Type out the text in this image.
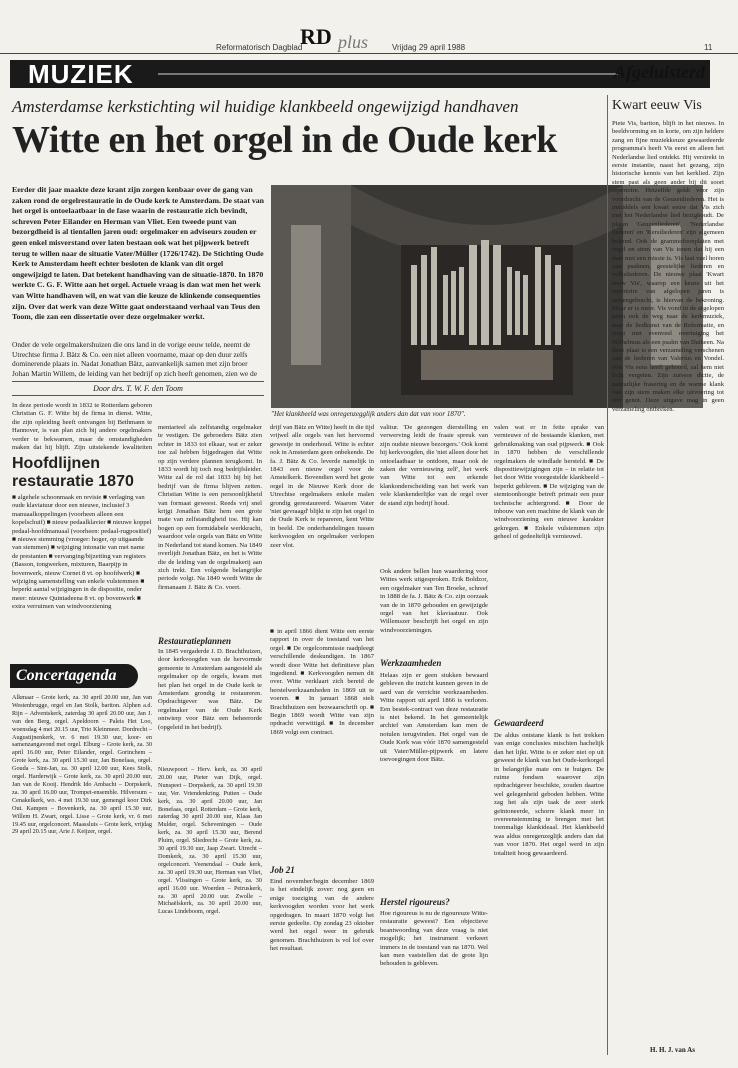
RD plus
Reformatorisch Dagblad	Vrijdag 29 april 1988	11
MUZIEK	Afgeluisterd
Amsterdamse kerkstichting wil huidige klankbeeld ongewijzigd handhaven
Witte en het orgel in de Oude kerk
Eerder dit jaar maakte deze krant zijn zorgen kenbaar over de gang van zaken rond de orgelrestauratie in de Oude kerk te Amsterdam. De staat van het orgel is ontoelaatbaar in de fase waarin de restauratie zich bevindt, schreven Peter Eilander en Herman van Vliet. Een tweede punt van bezorgdheid is al tientallen jaren oud: orgelmaker en adviseurs zouden er geen enkel misverstand over laten bestaan ook wat het pijpwerk betreft terug te willen naar de situatie Vater/Müller (1726/1742). De Stichting Oude Kerk te Amsterdam heeft echter besloten de klank van dit orgel ongewijzigd te laten. Dat betekent handhaving van de situatie-1870. In 1870 werkte C. G. F. Witte aan het orgel. Actuele vraag is dan wat men het werk van Witte handhaven wil, en wat van die keuze de klinkende consequenties zijn. Over dat werk van deze Witte gaat onderstaand verhaal van Teus den Toom, die zan een dissertatie over deze orgelmaker werkt.
Onder de vele orgelmakershuizen die ons land in de vorige eeuw telde, neemt de Utrechtse firma J. Bätz & Co. een niet alleen voorname, maar op den duur zelfs dominerende plaats in. Nadat Jonathan Bätz, aanvankelijk samen met zijn broer Johan Martin Willem, de leiding van het bedrijf op zich heeft genomen, zien we de
Door drs. T. W. F. den Toom
"Het klankbeeld was onregenzegglijk anders dan dat van voor 1870".
In deze periode wordt in 1832 te Rotterdam geboren Christian G. F. Witte bij de firma in dienst. Witte, die zijn opleiding heeft ontvangen bij Bethmann te Hannover, is van plan zich bij andere orgelmakers verder te bekwamen, maar de omstandigheden maken dat hij blijft. Zijn uitstekende kwaliteiten
Hoofdlijnen restauratie 1870
■ algehele schoonmaak en revisie ■ verlaging van oude klaviatuur door een nieuwe, inclusief 3 manuaalkoppelingen (voorheen alleen een kopelschuif) ■ nieuw pedaalklavier ■ nieuwe koppel pedaal-hoofdmanuaal (voorheen: pedaal-rugpositief) ■ nieuwe stemming (vroeger: hoger, op uitgaande van stemmen) ■ wijziging intonatie van met name de prestanten ■ vervanging/bijzetting van registers (Basson, tongwerken, mixturen, Baarpijp in bovenwerk, nieuw Cornet 8 vt. op hoofdwerk) ■ wijziging samenstelling van enkele vulstemmen ■ beperkt aantal wijzigingen in de dispositie, onder meer: nieuwe Quintadeena 8 vt. op bovenwerk ■ extra verruimen van windvoorziening
mentarieel als zelfstandig orgelmaker te vestigen. De gebroeders Bätz zien echter in 1833 tot elkaar, wat er zeker toe zal hebben bijgedragen dat Witte op zijn verdere plannen terugkomt. In 1833 wordt hij toch nog bedrijfsleider. Witte zal de rol dat 1833 hij bij het bedrijf van de firma blijven zetten. Christian Witte is een persoonlijkheid van formaat geweest. Reeds vrij snel krijgt Jonathan Bätz hem een grote mate van zelfstandigheid toe. Hij kan bogen op een formidabele werkkracht, waardoor vele orgels van Bätz en Witte in Nederland tot stand komen. Na 1849 overlijdt Jonathan Bätz, en het is Witte die de leiding van de orgelmakerij aan zich trekt. Een volgende belangrijke periode volgt. Na 1849 wordt Witte de firmanaam J. Bätz & Co. voert.
Restauratieplannen
In 1845 vergaderde J. D. Brachthuizen, door kerkvoogden van de hervormde gemeente te Amsterdam aangesteld als orgelmaker op de orgels, kwam met het plan het orgel in de Oude kerk te Amsterdam grondig te restaureren. Opdrachtgever was Bätz. De orgelmaker van de Oude Kerk ontwierp voor Bätz een beheerorde (opgeleid in het bedrijf).
drijf van Bätz en Witte) heeft in die tijd vrijwel alle orgels van het hervormd gewestje in onderhoud. Witte is echter ook in Amsterdam geen onbekende. De fa. J. Bätz & Co. leverde namelijk in 1843 een nieuw orgel voor de Amstelkerk. Bovendien werd het grote orgel in de Nieuwe Kerk door de Utrechtse orgelmakers enkele malen grondig gerestaureerd. Waarom Vater 'niet gevraagd' blijkt te zijn het orgel in de Oude Kerk te repareren, kent Witte in beeld. De onderhandelingen tussen kerkvoogden en orgelmaker verlopen zeer vlot.
■ in april 1866 dient Witte een eerste rapport in over de toestand van het orgel. ■ De orgelcommissie raadpleegt verschillende deskundigen. In 1867 wordt door Witte het definitieve plan ingediend. ■ Kerkvoogden nemen dit over. Witte verklaart zich bereid de herstelwerkzaamheden in 1869 uit te voeren. ■ In januari 1868 stelt Brachthuizen een bezwaarschrift op. ■ Begin 1869 wordt Witte van zijn opdracht verwittigd. ■ In december 1869 volgt een contract.
Job 21
Eind november/begin december 1869 is het eindelijk zover: nog geen en enige toeziging van de andere kerkvoogden worden voor het werk opgedragen. In maart 1870 volgt het eerste gedeelte. Op zondag 23 oktober werd het orgel weer in gebruik genomen. Brachthuizen is vol lof over het resultaat.
valitur. 'De gezongen dierstelling en verwerving leidt de fraaie spreuk van zijn oudste nieuwe bezorgers.' Ook komt hij kerkvoogden, die 'niet alleen door het ontoelaatbaar te ontdoen, maar ook de zaken der vernieuwing zelf', het werk van Witte tot een erkende klankonderscheiding van het werk van vele klankenderlijke van de orgel over de stand zijn bedrijf houd.
Ook andere bellen hun waardering voor Wittes werk uitgesproken. Erik Boldzor, een orgelmaker van Ten Broeke, schreef in 1888 de fa. J. Bätz & Co. zijn oorzaak van de in 1870 gehouden en gewijzigde orgel van het klaviaatuur. Ook Willemszer beschrijft het orgel en zijn windvoorzieningen.
Werkzaamheden
Helaas zijn er geen stukken bewaard gebleven die inzicht kunnen geven in de aard van de verrichte werkzaamheden. Witte rapport uit april 1866 is verloren. Een bestek-contract van deze restauratie is niet bekend. In het gemeentelijk archief van Amsterdam kan men de notulen terugvinden. Het orgel van de Oude Kerk was vóór 1870 samengesteld uit Vater/Müller-pijpwerk en latere toevoegingen door Bätz.
Herstel rigoureus?
Hoe rigoureus is nu de rigoureuze Witte-restauratie geweest? Een objectieve beantwoording van deze vraag is niet mogelijk; het instrument verkeert immers in de toestand van na 1870. Wel kan men vaststellen dat de grote lijn behouden is gebleven.
valen wat er in feite sprake van vernieuwe of de bestaande klanken, met gebruikmaking van oud pijpwerk. ■ Ook in 1870 hebben de verschillende orgelmakers de windlade hersteld. ■ De dispositiewijzigingen zijn – in relatie tot het door Witte voorgestelde klankbeeld – beperkt gebleven. ■ De wijziging van de stemtoonhoogte betreft primair een puur technische achtergrond. ■ Door de inbouw van een machine de klank van de windvoorziening een nieuwe karakter gekregen. ■ Enkele vulstemmen zijn geheel of gedeeltelijk vernieuwd.
Gewaardeerd
De aldus ontstane klank is het trekken van enige conclusies mischien hachelijk dan het lijkt. Witte is er zeker niet op uit geweest de klank van het Oude-kerkorgel in belangrijke mate om te buigen. De ruime fondsen waarover zijn opdrachtgever beschikte, zouden daartoe wel gelegenheid geboden hebben. Witte zag het als zijn taak de zeer sterk geïntoneerde, schorre klank meer in overeenstemming te brengen met het toenmalige klankideaal. Het klankbeeld was aldus onregenzeglijk anders dan dat van voor 1870. Het orgel werd in zijn totaliteit hoog gewaardeerd.
Kwart eeuw Vis
Piete Vis, bariton, blijft in het nieuws. In beeldvorming en in korte, om zijn heldere zang en fijne muziekkeuze gewaardeerde programma's heeft Vis eerst en alleen het Nederlandse lied ontdekt. Hij verstrekt in eerste instantie, naast het gezang, zijn historische kennis van het kerklied. Zijn stem past als geen ander bij dit soort repertoire. Hetzelfde geldt voor zijn voordracht van de Geuzenliederen. Het is inmiddels een kwart eeuw dat Vis zich met het Nederlandse lied bezighoudt. De platen 'Geuzenliederen', 'Nederlandse liederen' en 'Kerstliederen' zijn algemeen bekend. Ook de grammofoonplaten met orgel en stem van Vis tonen dat hij een man met een missie is. Vis laat veel horen van psalmen, geestelijke liederen en volksliederen. De nieuwe plaat 'Kwart eeuw Vis', waarop een keuze uit het repertoire van afgelopen jaren is samengebracht, is hiervan de bekroning. Maar er is meer. Vis vond in de afgelopen jaren ook de weg naar de kerkmuziek, naar de liedkunst van de Reformatie, en zingt met evenveel overtuiging het Wilhelmus als een psalm van Datheen. Na deze plaat is een verzameling verschenen van de liederen van Valerius en Vondel. Wie Vis eens heeft gehoord, zal hem niet licht vergeten. Zijn zuivere dictie, de natuurlijke frasering en de warme klank van zijn stem maken elke uitvoering tot een genot. Deze uitgave mag in geen verzameling ontbreken.
H. H. J. van As
Concertagenda
Alkmaar – Grote kerk, za. 30 april 20.00 uur, Jan van Westenbrugge, orgel en Jan Stolk, bariton. Alphen a.d. Rijn – Adventskerk, zaterdag 30 april 20.00 uur, Jan J. van den Berg, orgel. Apeldoorn – Paleis Het Loo, woensdag 4 mei 20.15 uur, Trio Kleinmeer. Dordrecht – Augustijnenkerk, vr. 6 mei 19.30 uur, koor- en samenzangavond met orgel. Elburg – Grote kerk, za. 30 april 16.00 uur, Peter Eilander, orgel. Gorinchem – Grote kerk, za. 30 april 15.30 uur, Jan Bonefaas, orgel. Gouda – Sint-Jan, za. 30 april 12.00 uur, Kees Stolk, orgel. Harderwijk – Grote kerk, za. 30 april 20.00 uur, Jan van de Kooij. Hendrik Ido Ambacht – Dorpskerk, za. 30 april 16.00 uur, Trompet-ensemble. Hilversum – Cenakelkerk, wo. 4 mei 19.30 uur, gemengd koor Dirk Out. Kampen – Bovenkerk, za. 30 april 15.30 uur, Willem H. Zwart, orgel. Lisse – Grote kerk, vr. 6 mei 19.45 uur, orgelconcert. Maassluis – Grote kerk, vrijdag 29 april 20.15 uur, Arie J. Keijzer, orgel.
Nieuwpoort – Herv. kerk, za. 30 april 20.00 uur, Pieter van Dijk, orgel. Nunspeet – Dorpskerk, za. 30 april 19.30 uur, Ver. Vriendenkring. Putten – Oude kerk, za. 30 april 20.00 uur, Jan Bonefaas, orgel. Rotterdam – Grote kerk, zaterdag 30 april 20.00 uur, Klaas Jan Mulder, orgel. Scheveningen – Oude kerk, za. 30 april 15.30 uur, Berend Pluim, orgel. Sliedrecht – Grote kerk, za. 30 april 19.30 uur, Jaap Zwart. Utrecht – Domkerk, za. 30 april 15.30 uur, orgelconcert. Veenendaal – Oude kerk, za. 30 april 19.30 uur, Herman van Vliet, orgel. Vlissingen – Grote kerk, za. 30 april 16.00 uur. Woerden – Petruskerk, za. 30 april 20.00 uur. Zwolle – Michaëlskerk, za. 30 april 20.00 uur, Lucas Lindeboom, orgel.
